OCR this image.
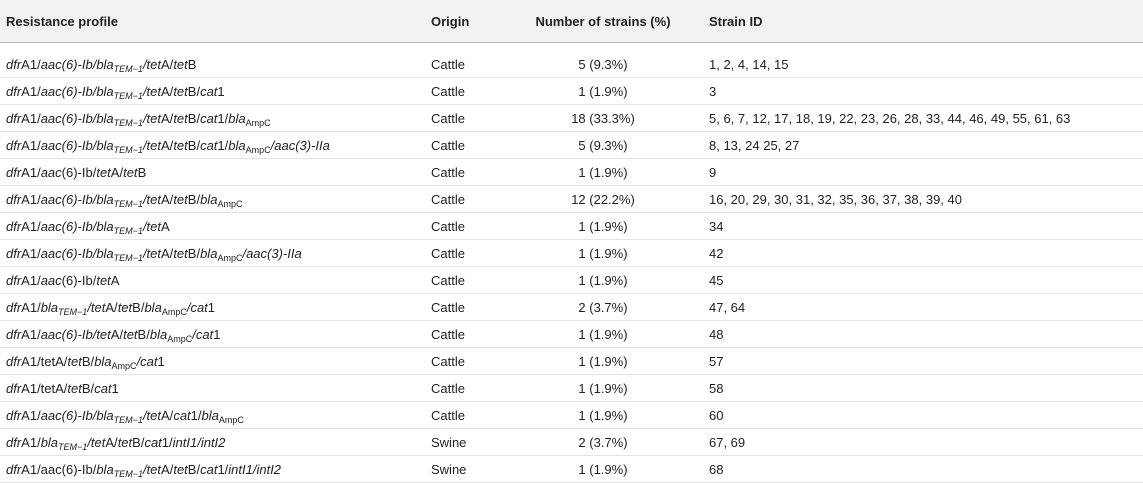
Resistance profile	Origin	Number of strains (%)	Strain ID
dfrA1/aac(6)-Ib/bla$_{TEM-1}$/tetA/tetB	Cattle	5 (9.3%)	1, 2, 4, 14, 15
dfrA1/aac(6)-Ib/bla$_{TEM-1}$/tetA/tetB/cat1	Cattle	1 (1.9%)	3
dfrA1/aac(6)-Ib/bla$_{TEM-1}$/tetA/tetB/cat1/bla$_{AmpC}$	Cattle	18 (33.3%)	5, 6, 7, 12, 17, 18, 19, 22, 23, 26, 28, 33, 44, 46, 49, 55, 61, 63
dfrA1/aac(6)-Ib/bla$_{TEM-1}$/tetA/tetB/cat1/bla$_{AmpC}$/aac(3)-IIa	Cattle	5 (9.3%)	8, 13, 24 25, 27
dfrA1/aac(6)-Ib/tetA/tetB	Cattle	1 (1.9%)	9
dfrA1/aac(6)-Ib/bla$_{TEM-1}$/tetA/tetB/bla$_{AmpC}$	Cattle	12 (22.2%)	16, 20, 29, 30, 31, 32, 35, 36, 37, 38, 39, 40
dfrA1/aac(6)-Ib/bla$_{TEM-1}$/tetA	Cattle	1 (1.9%)	34
dfrA1/aac(6)-Ib/bla$_{TEM-1}$/tetA/tetB/bla$_{AmpC}$/aac(3)-IIa	Cattle	1 (1.9%)	42
dfrA1/aac(6)-Ib/tetA	Cattle	1 (1.9%)	45
dfrA1/bla$_{TEM-1}$/tetA/tetB/bla$_{AmpC}$/cat1	Cattle	2 (3.7%)	47, 64
dfrA1/aac(6)-Ib/tetA/tetB/bla$_{AmpC}$/cat1	Cattle	1 (1.9%)	48
dfrA1/tetA/tetB/bla$_{AmpC}$/cat1	Cattle	1 (1.9%)	57
dfrA1/tetA/tetB/cat1	Cattle	1 (1.9%)	58
dfrA1/aac(6)-Ib/bla$_{TEM-1}$/tetA/cat1/bla$_{AmpC}$	Cattle	1 (1.9%)	60
dfrA1/bla$_{TEM-1}$/tetA/tetB/cat1/intI1/intI2	Swine	2 (3.7%)	67, 69
dfrA1/aac(6)-Ib/bla$_{TEM-1}$/tetA/tetB/cat1/intI1/intI2	Swine	1 (1.9%)	68
